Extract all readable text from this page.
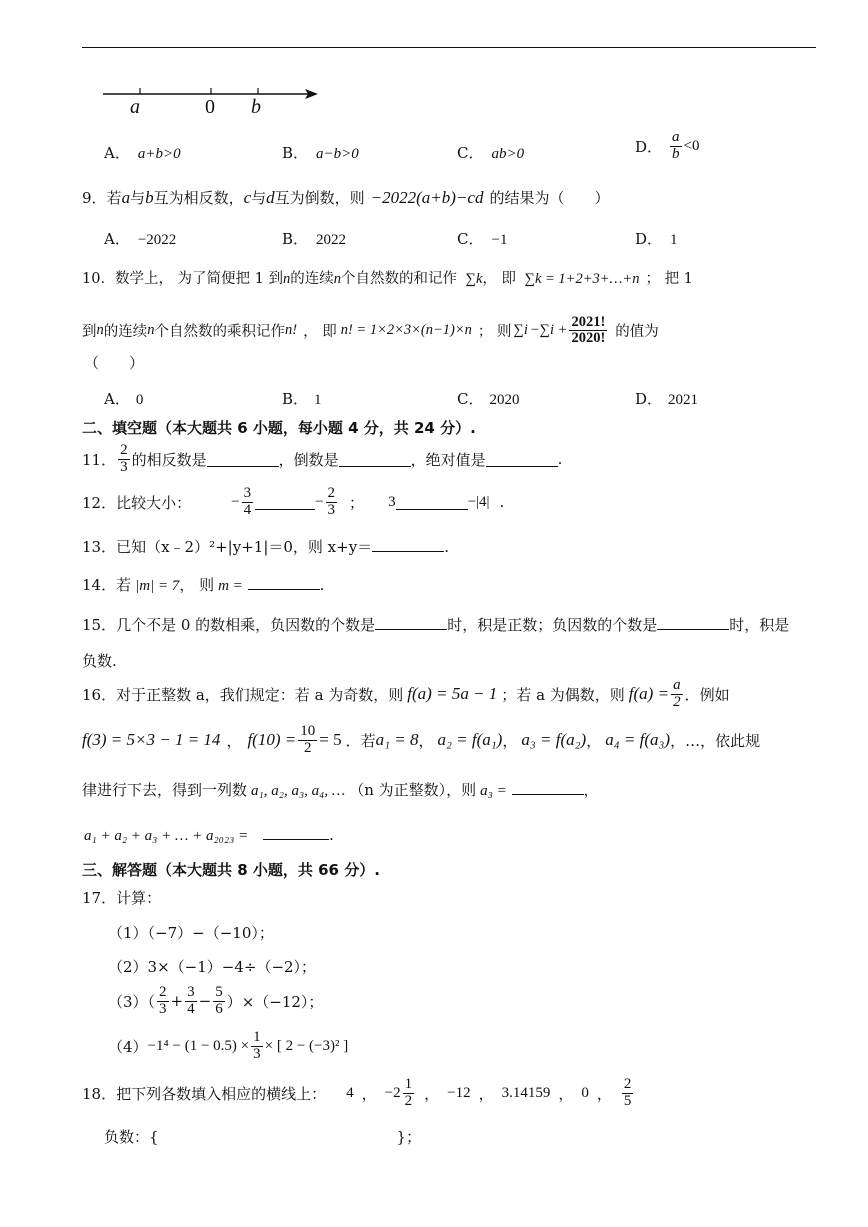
a	0 b
A． a+b>0	B． a−b>0	C． ab>0	D． $\frac{a}{b} <0$
9．若a与b互为相反数，c与d互为倒数，则 −2022(a+b)−cd 的结果为（　　）
A． −2022	B． 2022	C． −1	D． 1
10．数学上， 为了简便把 1 到n的连续n个自然数的和记作 ∑k， 即 ∑k = 1+2+3+…+n ； 把 1
到 n 的连续 n 个自然数的乘积记作 n! ， 即 n! = 1×2×3×(n−1)×n ； 则 $\sum i -\sum i + \frac{2021!}{2020!}$ 的值为
（　　）
A． 0	B． 1	C． 2020	D． 2021
二、填空题（本大题共 6 小题，每小题 4 分，共 24 分）.
11． $\frac{2}{3}$ 的相反数是	，倒数是	，绝对值是	.
12． 比较大小：	− $\frac{3}{4}$	− $\frac{2}{3}$ ； 3	−|4| .
13．已知（x﹣2）²+|y+1|＝0，则 x+y＝	.
14．若 |m| = 7， 则 m =	.
15．几个不是 0 的数相乘，负因数的个数是	时，积是正数；负因数的个数是	时，积是
负数.
16． 对于正整数 a，我们规定：若 a 为奇数，则 f(a) = 5a − 1 ；若 a 为偶数，则 $f(a) = \frac{a}{2}$ ．例如
f(3) = 5×3 − 1 = 14 ， $f(10) = \frac{10}{2} = 5$ ．若 a₁ = 8 ， a₂ = f(a₁) ， a₃ = f(a₂) ， a₄ = f(a₃) ，…，依此规
律进行下去，得到一列数 a₁, a₂, a₃, a₄, … （n 为正整数），则 a₃ =	，
a₁ + a₂ + a₃ + … + a₂₀₂₃ =	.
三、解答题（本大题共 8 小题，共 66 分）.
17．计算：
（1）（−7）−（−10）；
（2）3×（−1）−4÷（−2）；
$(3)( \frac{2}{3} + \frac{3}{4} - \frac{5}{6} )\times(-12)$；
$(4) -1^4 - (1 - 0.5) \times \frac{1}{3}$ × [ 2 − (−3)² ]
18． 把下列各数填入相应的横线上： 4 ， $-2 \frac{1}{2}$ ， −12 ， 3.14159 ， 0 ， $\frac{2}{5}$
负数：{	}；
